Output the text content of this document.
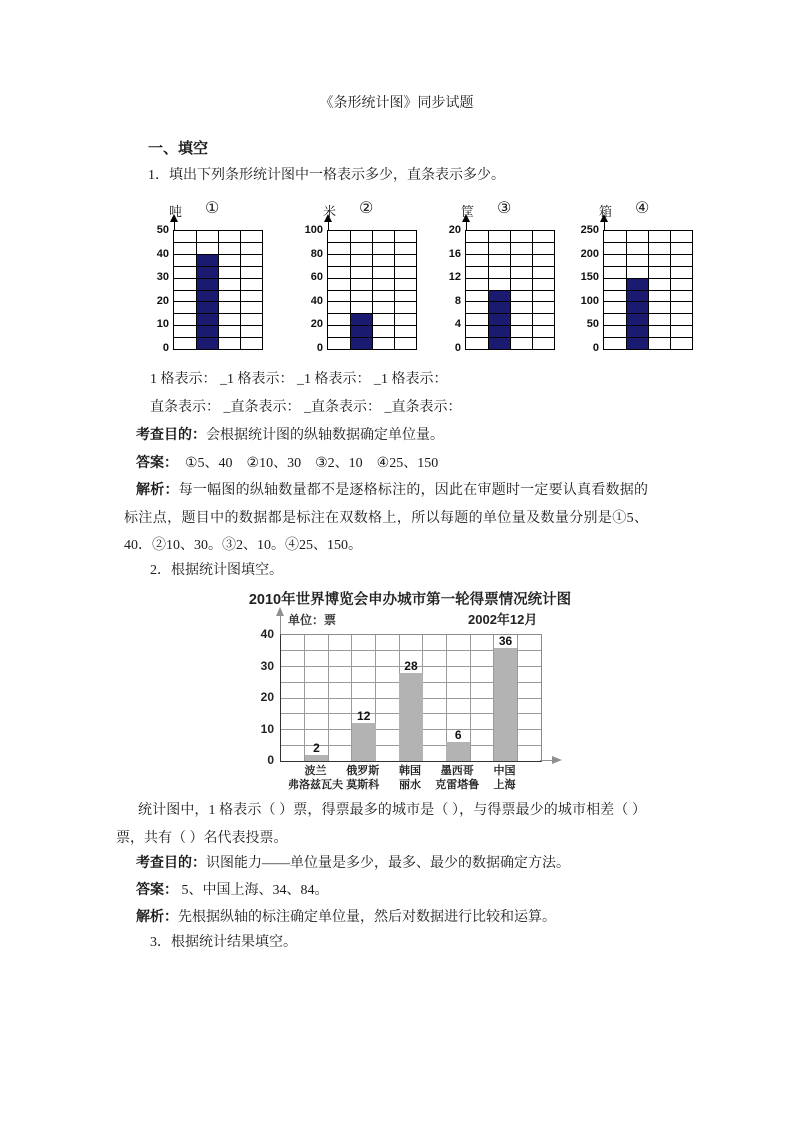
《条形统计图》同步试题
一、填空
1．填出下列条形统计图中一格表示多少，直条表示多少。
吨 ①
50
40
30
20
10
0
米 ②
100
80
60
40
20
0
筐 ③
20
16
12
8
4
0
箱 ④
250
200
150
100
50
0
1 格表示： _1 格表示： _1 格表示： _1 格表示：
直条表示： _直条表示： _直条表示： _直条表示：
考查目的：会根据统计图的纵轴数据确定单位量。
答案：  ①5、40　②10、30　③2、10　④25、150
解析：每一幅图的纵轴数量都不是逐格标注的，因此在审题时一定要认真看数据的标注点，题目中的数据都是标注在双数格上，所以每题的单位量及数量分别是①5、40．②10、30。③2、10。④25、150。
2．根据统计图填空。
2010年世界博览会申办城市第一轮得票情况统计图
单位：票	2002年12月
40
30
20
10
0
2
12
28
6
36
波兰
弗洛兹瓦夫
俄罗斯
莫斯科
韩国
丽水
墨西哥
克雷塔鲁
中国
上海
统计图中，1 格表示（ ）票，得票最多的城市是（ ），与得票最少的城市相差（ ）票，共有（ ）名代表投票。
考查目的：识图能力——单位量是多少，最多、最少的数据确定方法。
答案： 5、中国上海、34、84。
解析：先根据纵轴的标注确定单位量，然后对数据进行比较和运算。
3．根据统计结果填空。
